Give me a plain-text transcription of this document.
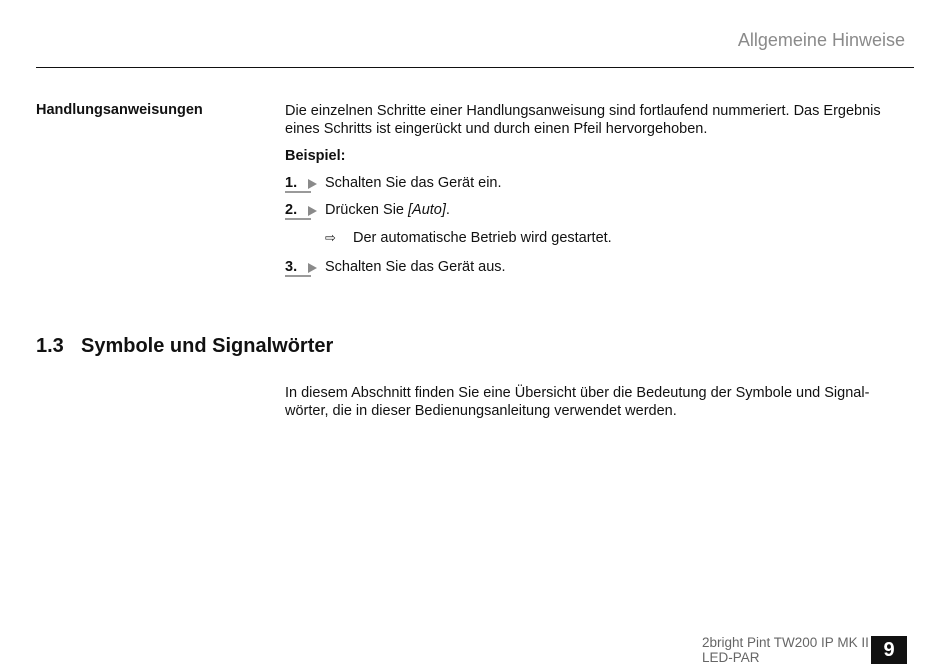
Allgemeine Hinweise
Handlungsanweisungen	Die einzelnen Schritte einer Handlungsanweisung sind fortlaufend nummeriert. Das Ergebnis eines Schritts ist eingerückt und durch einen Pfeil hervorgehoben.
Beispiel:
1.	Schalten Sie das Gerät ein.
2.	Drücken Sie [Auto].
⇨	Der automatische Betrieb wird gestartet.
3.	Schalten Sie das Gerät aus.
1.3 Symbole und Signalwörter
In diesem Abschnitt finden Sie eine Übersicht über die Bedeutung der Symbole und Signalwörter, die in dieser Bedienungsanleitung verwendet werden.
2bright Pint TW200 IP MK II
LED-PAR	9
